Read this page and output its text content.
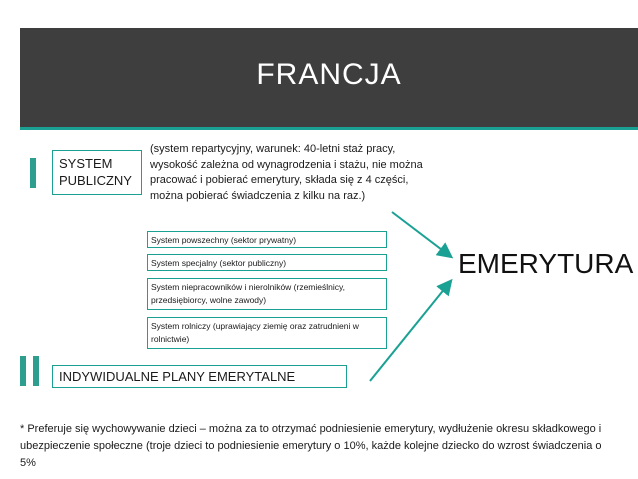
FRANCJA
SYSTEM PUBLICZNY
(system repartycyjny, warunek: 40-letni staż pracy, wysokość zależna od wynagrodzenia i stażu, nie można pracować i pobierać emerytury, składa się z 4 części, można pobierać świadczenia z kilku na raz.)
System powszechny (sektor prywatny)
System specjalny (sektor publiczny)
System niepracowników i nierolników (rzemieślnicy, przedsiębiorcy, wolne zawody)
System rolniczy (uprawiający ziemię oraz zatrudnieni w rolnictwie)
INDYWIDUALNE PLANY EMERYTALNE
EMERYTURA
* Preferuje się wychowywanie dzieci – można za to otrzymać podniesienie emerytury, wydłużenie okresu składkowego i ubezpieczenie społeczne (troje dzieci to podniesienie emerytury o 10%, każde kolejne dziecko do wzrost świadczenia o 5%
